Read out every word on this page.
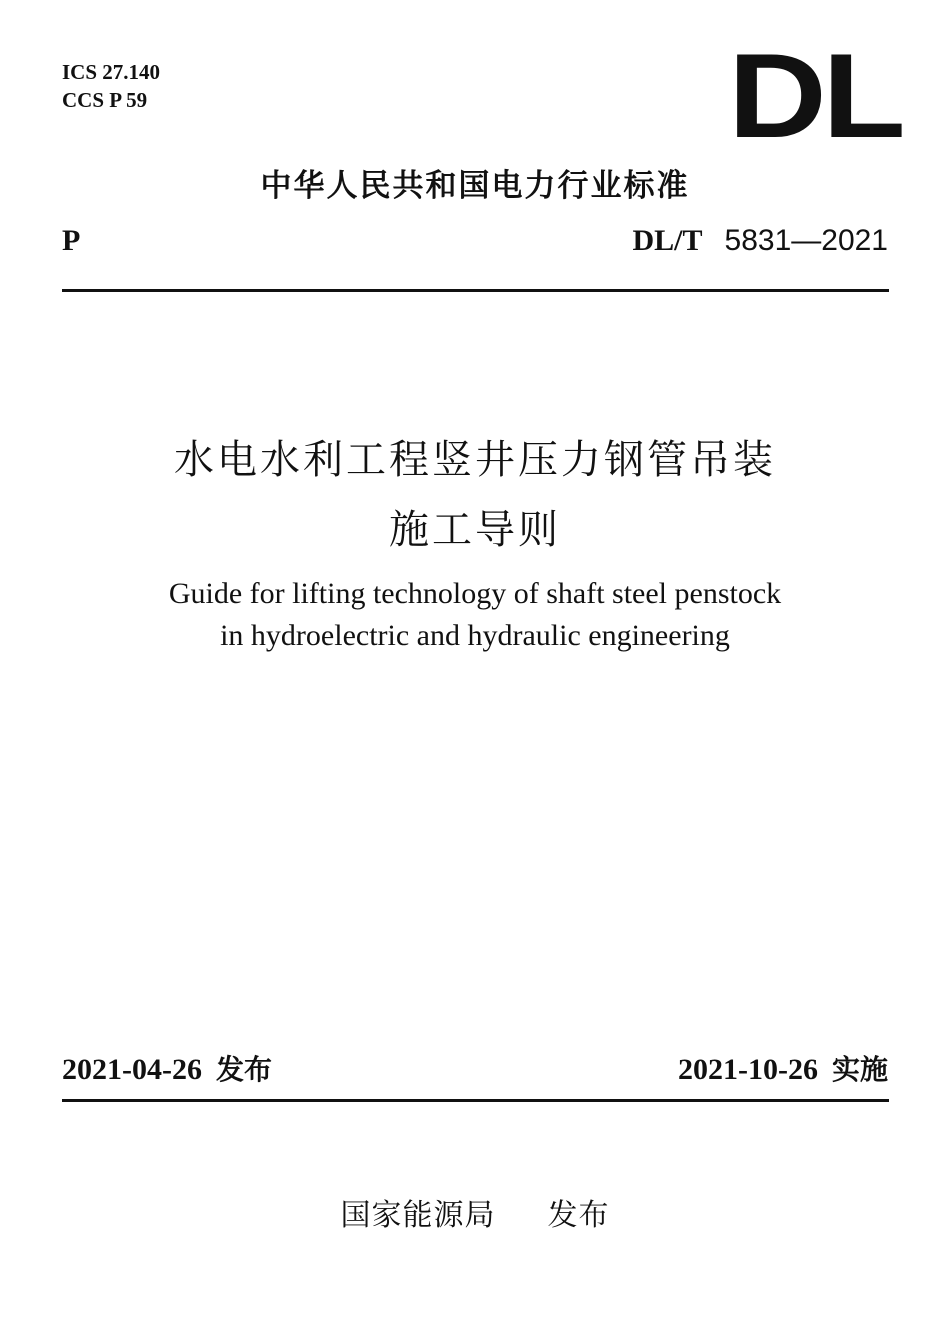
ICS 27.140
CCS P 59	DL
中华人民共和国电力行业标准
P	DL/T 5831—2021
水电水利工程竖井压力钢管吊装
施工导则
Guide for lifting technology of shaft steel penstock
in hydroelectric and hydraulic engineering
2021-04-26 发布	2021-10-26 实施
国家能源局 发布
